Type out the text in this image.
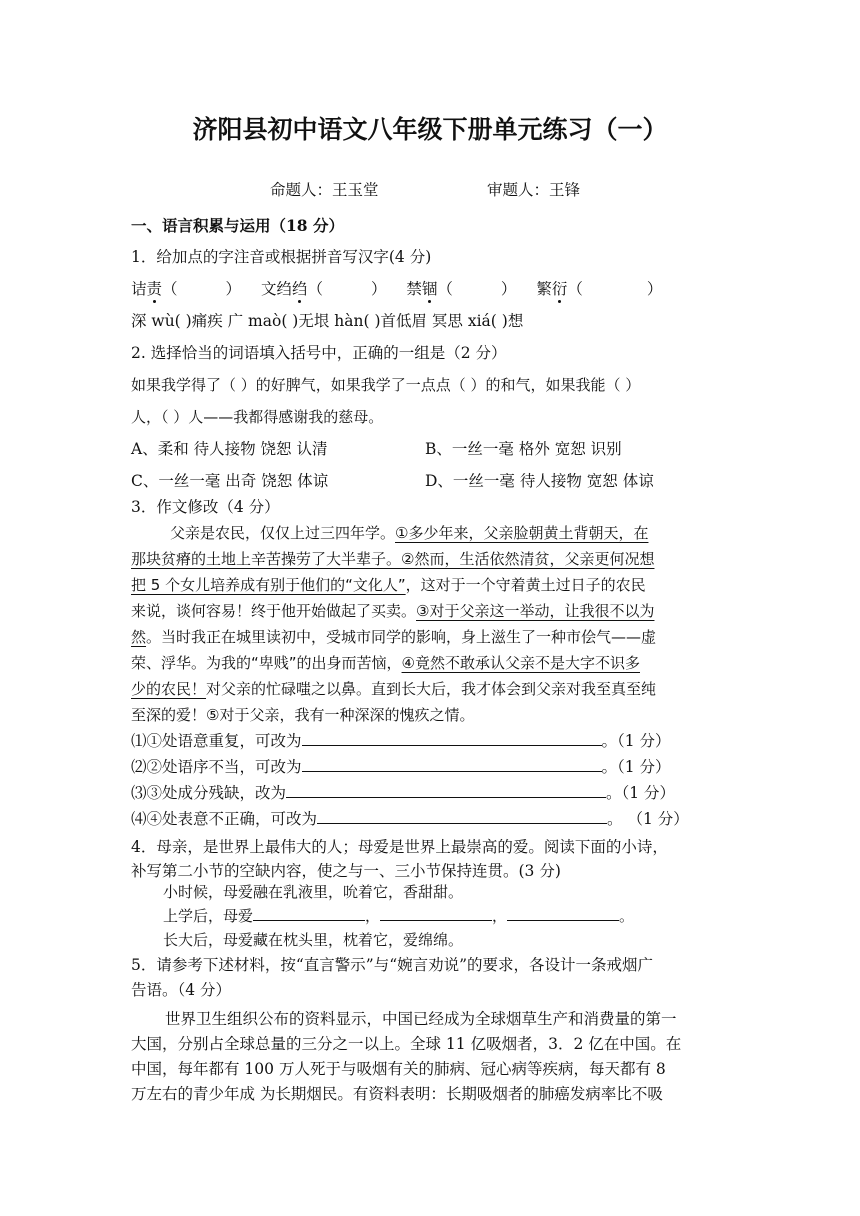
济阳县初中语文八年级下册单元练习（一）
命题人：王玉堂	审题人：王锋
一、语言积累与运用（18 分）
1．给加点的字注音或根据拼音写汉字(4 分)
诘责（	） 文绉绉（	） 禁锢（	） 繁衍（	）
深 wù( )痛疾 广 maò( )无垠 hàn( )首低眉 冥思 xiá( )想
2. 选择恰当的词语填入括号中，正确的一组是（2 分）
如果我学得了（ ）的好脾气，如果我学了一点点（ ）的和气，如果我能（ ）
人，（ ）人——我都得感谢我的慈母。
A、柔和 待人接物 饶恕 认清	B、一丝一毫 格外 宽恕 识别
C、一丝一毫 出奇 饶恕 体谅	D、一丝一毫 待人接物 宽恕 体谅
3．作文修改（4 分）
父亲是农民，仅仅上过三四年学。①多少年来，父亲脸朝黄土背朝天，在
那块贫瘠的土地上辛苦操劳了大半辈子。②然而，生活依然清贫，父亲更何况想
把 5 个女儿培养成有别于他们的“文化人”，这对于一个守着黄土过日子的农民
来说，谈何容易！终于他开始做起了买卖。③对于父亲这一举动，让我很不以为
然。当时我正在城里读初中，受城市同学的影响，身上滋生了一种市侩气——虚
荣、浮华。为我的“卑贱”的出身而苦恼，④竟然不敢承认父亲不是大字不识多
少的农民！对父亲的忙碌嗤之以鼻。直到长大后，我才体会到父亲对我至真至纯
至深的爱！⑤对于父亲，我有一种深深的愧疚之情。
⑴①处语意重复，可改为	。（1 分）
⑵②处语序不当，可改为	。（1 分）
⑶③处成分残缺，改为	。（1 分）
⑷④处表意不正确，可改为	。 （1 分）
4．母亲，是世界上最伟大的人；母爱是世界上最崇高的爱。阅读下面的小诗，
补写第二小节的空缺内容，使之与一、三小节保持连贯。(3 分)
小时候，母爱融在乳液里，吮着它，香甜甜。
上学后，母爱	，	，	。
长大后，母爱藏在枕头里，枕着它，爱绵绵。
5．请参考下述材料，按“直言警示”与“婉言劝说”的要求，各设计一条戒烟广
告语。（4 分）
世界卫生组织公布的资料显示，中国已经成为全球烟草生产和消费量的第一
大国，分别占全球总量的三分之一以上。全球 11 亿吸烟者，3．2 亿在中国。在
中国，每年都有 100 万人死于与吸烟有关的肺病、冠心病等疾病，每天都有 8
万左右的青少年成 为长期烟民。有资料表明：长期吸烟者的肺癌发病率比不吸
